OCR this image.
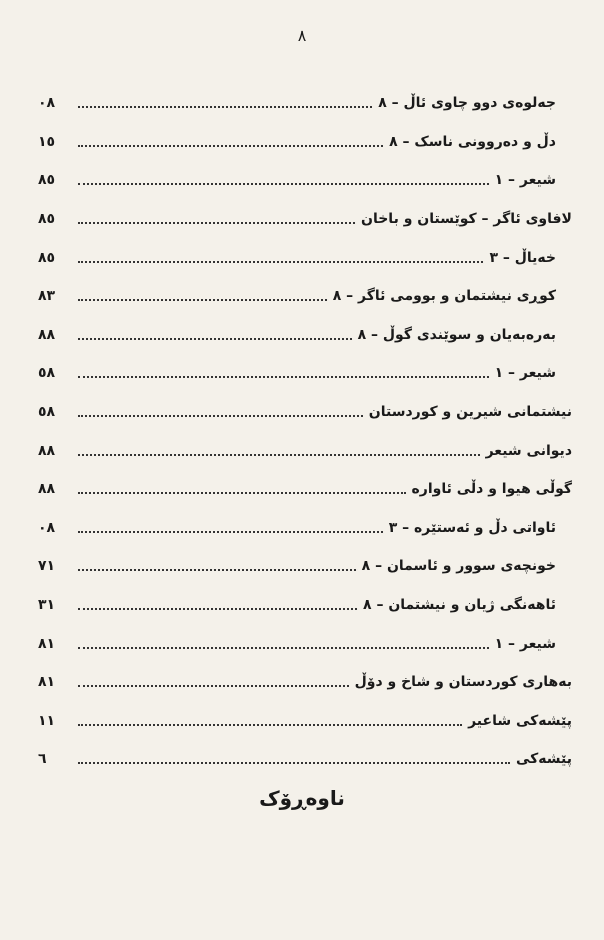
٨
٠٨	جەلوەی دوو چاوی ئاڵ – ٨
١٥	دڵ و دەروونی ناسک – ٨
٨٥	شیعر – ١
٨٥	لافاوی ئاگر – کوێستان و باخان
٨٥	خەیاڵ – ٣
٨٣	کوڕی نیشتمان و بوومی ئاگر – ٨
٨٨	بەرەبەیان و سوێندی گوڵ – ٨
٥٨	شیعر – ١
٥٨	نیشتمانی شیرین و کوردستان
٨٨	دیوانی شیعر
٨٨	گوڵی هیوا و دڵی ئاوارە
٠٨	ئاواتی دڵ و ئەستێرە – ٣
٧١	خونچەی سوور و ئاسمان – ٨
٣١	ئاهەنگی ژیان و نیشتمان – ٨
٨١	شیعر – ١
٨١	بەهاری کوردستان و شاخ و دۆڵ
١١	پێشەکی شاعیر
٦	پێشەکی
ناوەڕۆک
